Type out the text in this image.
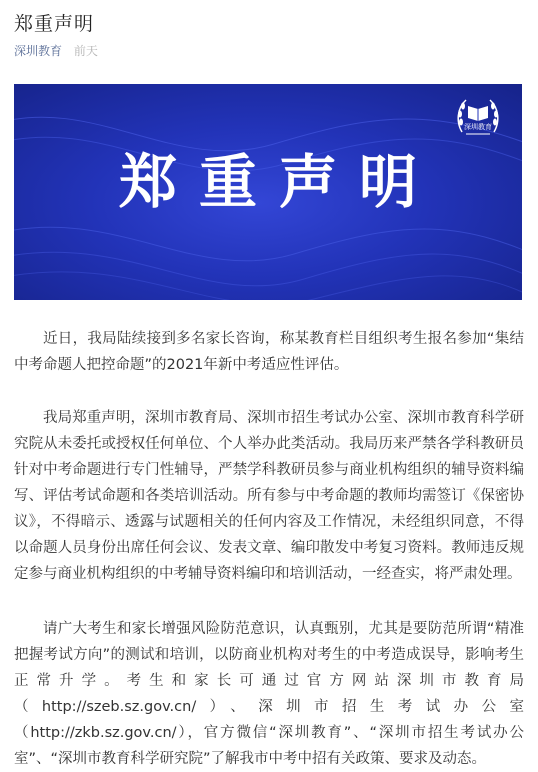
郑重声明
深圳教育 前天
深圳教育
郑重声明

近日，我局陆续接到多名家长咨询，称某教育栏目组织考生报名参加“集结中考命题人把控命题”的2021年新中考适应性评估。

我局郑重声明，深圳市教育局、深圳市招生考试办公室、深圳市教育科学研究院从未委托或授权任何单位、个人举办此类活动。我局历来严禁各学科教研员针对中考命题进行专门性辅导，严禁学科教研员参与商业机构组织的辅导资料编写、评估考试命题和各类培训活动。所有参与中考命题的教师均需签订《保密协议》，不得暗示、透露与试题相关的任何内容及工作情况，未经组织同意，不得以命题人员身份出席任何会议、发表文章、编印散发中考复习资料。教师违反规定参与商业机构组织的中考辅导资料编印和培训活动，一经查实，将严肃处理。

请广大考生和家长增强风险防范意识，认真甄别，尤其是要防范所谓“精准把握考试方向”的测试和培训，以防商业机构对考生的中考造成误导，影响考生正常升学。考生和家长可通过官方网站深圳市教育局（http://szeb.sz.gov.cn/）、深圳市招生考试办公室（http://zkb.sz.gov.cn/），官方微信“深圳教育”、“深圳市招生考试办公室”、“深圳市教育科学研究院”了解我市中考中招有关政策、要求及动态。
